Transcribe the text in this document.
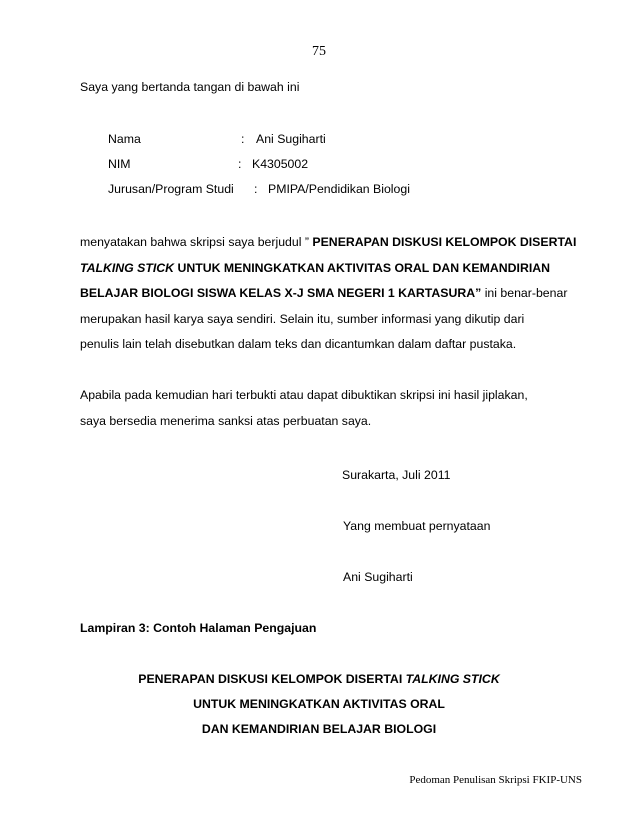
75
Saya yang bertanda tangan di bawah ini
Nama	: Ani Sugiharti
NIM	: K4305002
Jurusan/Program Studi : PMIPA/Pendidikan Biologi
menyatakan bahwa skripsi saya berjudul ” PENERAPAN DISKUSI KELOMPOK DISERTAI
TALKING STICK UNTUK MENINGKATKAN AKTIVITAS ORAL DAN KEMANDIRIAN
BELAJAR BIOLOGI SISWA KELAS X-J SMA NEGERI 1 KARTASURA” ini benar-benar
merupakan hasil karya saya sendiri. Selain itu, sumber informasi yang dikutip dari
penulis lain telah disebutkan dalam teks dan dicantumkan dalam daftar pustaka.
Apabila pada kemudian hari terbukti atau dapat dibuktikan skripsi ini hasil jiplakan,
saya bersedia menerima sanksi atas perbuatan saya.
Surakarta, Juli 2011
Yang membuat pernyataan
Ani Sugiharti
Lampiran 3: Contoh Halaman Pengajuan
PENERAPAN DISKUSI KELOMPOK DISERTAI TALKING STICK
UNTUK MENINGKATKAN AKTIVITAS ORAL
DAN KEMANDIRIAN BELAJAR BIOLOGI
Pedoman Penulisan Skripsi FKIP-UNS
